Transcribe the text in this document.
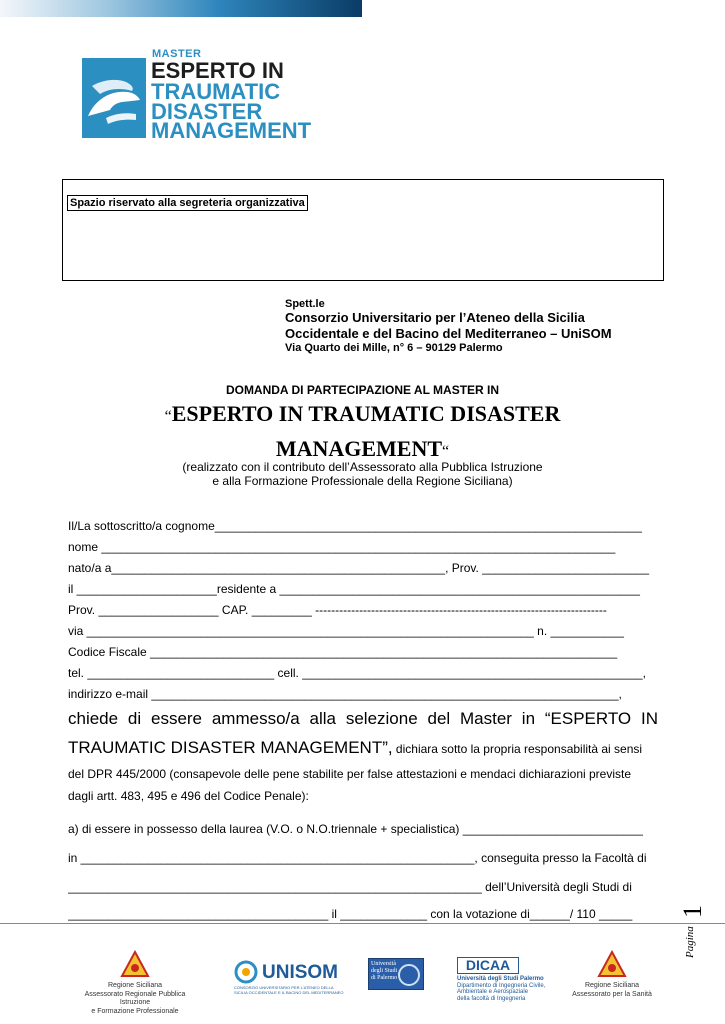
MASTER
ESPERTO IN
TRAUMATIC
DISASTER
MANAGEMENT
Spazio riservato alla segreteria organizzativa
Spett.le
Consorzio Universitario per l’Ateneo della Sicilia
Occidentale e del Bacino del Mediterraneo – UniSOM
Via Quarto dei Mille, n° 6 – 90129 Palermo
DOMANDA DI PARTECIPAZIONE AL MASTER IN
“ESPERTO IN TRAUMATIC DISASTER
MANAGEMENT“
(realizzato con il contributo dell’Assessorato alla Pubblica Istruzione
e alla Formazione Professionale della Regione Siciliana)
Il/La sottoscritto/a cognome________________________________________________________________
nome _____________________________________________________________________________
nato/a a__________________________________________________, Prov. _________________________
il _____________________residente a ______________________________________________________
Prov. __________________ CAP. _________ -------------------------------------------------------------------------
via ___________________________________________________________________ n. ___________
Codice Fiscale ______________________________________________________________________
tel. ____________________________ cell. ___________________________________________________,
indirizzo e-mail ______________________________________________________________________,
chiede di essere ammesso/a alla selezione del Master in “ESPERTO IN
TRAUMATIC DISASTER MANAGEMENT”, dichiara sotto la propria responsabilità ai sensi
del DPR 445/2000 (consapevole delle pene stabilite per false attestazioni e mendaci dichiarazioni previste
dagli artt. 483, 495 e 496 del Codice Penale):
a) di essere in possesso della laurea (V.O. o N.O.triennale + specialistica) ___________________________
in ___________________________________________________________, conseguita presso la Facoltà di
______________________________________________________________ dell’Università degli Studi di
_______________________________________ il _____________ con la votazione di______/ 110 _____
Pagina
1
Regione Siciliana
Assessorato Regionale Pubblica Istruzione
e Formazione Professionale
UNISOM
CONSORZIO UNIVERSITARIO PER L'ATENEO DELLA SICILIA OCCIDENTALE E IL BACINO DEL MEDITERRANEO
Università
degli Studi
di Palermo
DICAA
Università degli Studi Palermo
Dipartimento di Ingegneria Civile,
Ambientale e Aerospaziale
della facoltà di Ingegneria
Regione Siciliana
Assessorato per la Sanità
